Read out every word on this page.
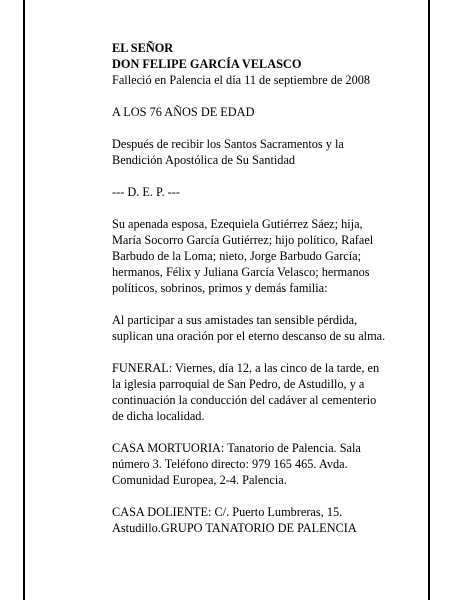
EL SEÑOR

DON FELIPE GARCÍA VELASCO

Falleció en Palencia el día 11 de septiembre de 2008

A LOS 76 AÑOS DE EDAD

Después de recibir los Santos Sacramentos y la
Bendición Apostólica de Su Santidad

--- D. E. P. ---

Su apenada esposa, Ezequiela Gutiérrez Sáez; hija,
María Socorro García Gutiérrez; hijo político, Rafael
Barbudo de la Loma; nieto, Jorge Barbudo García;
hermanos, Félix y Juliana García Velasco; hermanos
políticos, sobrinos, primos y demás familia:

Al participar a sus amistades tan sensible pérdida,
suplican una oración por el eterno descanso de su alma.

FUNERAL: Viernes, día 12, a las cinco de la tarde, en
la iglesia parroquial de San Pedro, de Astudillo, y a
continuación la conducción del cadáver al cementerio
de dicha localidad.

CASA MORTUORIA: Tanatorio de Palencia. Sala
número 3. Teléfono directo: 979 165 465. Avda.
Comunidad Europea, 2-4. Palencia.

CASA DOLIENTE: C/. Puerto Lumbreras, 15.
Astudillo.GRUPO TANATORIO DE PALENCIA
